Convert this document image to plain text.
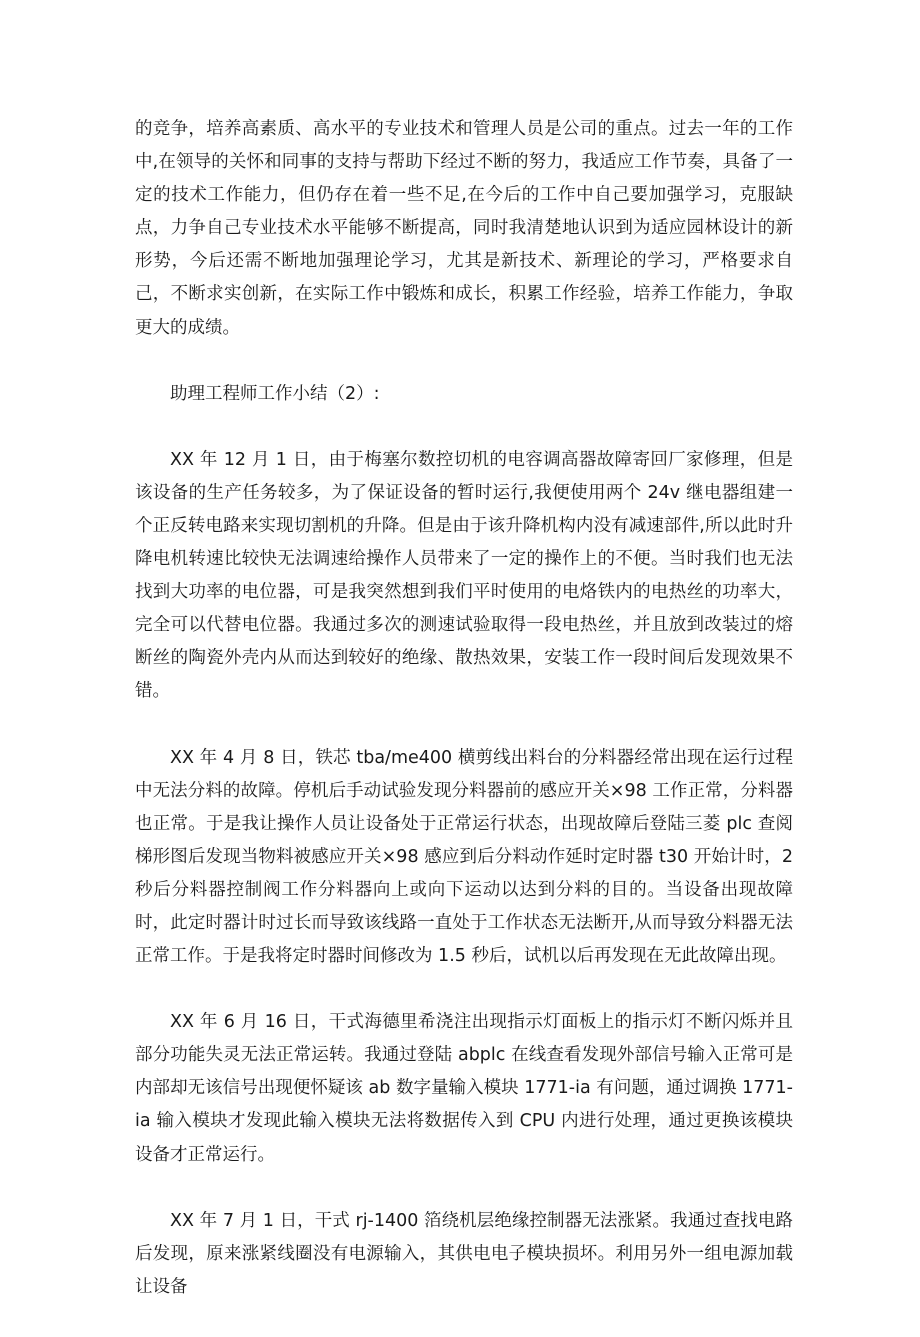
的竞争，培养高素质、高水平的专业技术和管理人员是公司的重点。过去一年的工作中,在领导的关怀和同事的支持与帮助下经过不断的努力，我适应工作节奏，具备了一定的技术工作能力，但仍存在着一些不足,在今后的工作中自己要加强学习，克服缺点，力争自己专业技术水平能够不断提高，同时我清楚地认识到为适应园林设计的新形势，今后还需不断地加强理论学习，尤其是新技术、新理论的学习，严格要求自己，不断求实创新，在实际工作中锻炼和成长，积累工作经验，培养工作能力，争取更大的成绩。

助理工程师工作小结（2）:

XX 年 12 月 1 日，由于梅塞尔数控切机的电容调高器故障寄回厂家修理，但是该设备的生产任务较多，为了保证设备的暂时运行,我便使用两个 24v 继电器组建一个正反转电路来实现切割机的升降。但是由于该升降机构内没有减速部件,所以此时升降电机转速比较快无法调速给操作人员带来了一定的操作上的不便。当时我们也无法找到大功率的电位器，可是我突然想到我们平时使用的电烙铁内的电热丝的功率大，完全可以代替电位器。我通过多次的测速试验取得一段电热丝，并且放到改装过的熔断丝的陶瓷外壳内从而达到较好的绝缘、散热效果，安装工作一段时间后发现效果不错。

XX 年 4 月 8 日，铁芯 tba/me400 横剪线出料台的分料器经常出现在运行过程中无法分料的故障。停机后手动试验发现分料器前的感应开关×98 工作正常，分料器也正常。于是我让操作人员让设备处于正常运行状态，出现故障后登陆三菱 plc 查阅梯形图后发现当物料被感应开关×98 感应到后分料动作延时定时器 t30 开始计时，2 秒后分料器控制阀工作分料器向上或向下运动以达到分料的目的。当设备出现故障时，此定时器计时过长而导致该线路一直处于工作状态无法断开,从而导致分料器无法正常工作。于是我将定时器时间修改为 1.5 秒后，试机以后再发现在无此故障出现。

XX 年 6 月 16 日，干式海德里希浇注出现指示灯面板上的指示灯不断闪烁并且部分功能失灵无法正常运转。我通过登陆 abplc 在线查看发现外部信号输入正常可是内部却无该信号出现便怀疑该 ab 数字量输入模块 1771-ia 有问题，通过调换 1771-ia 输入模块才发现此输入模块无法将数据传入到 CPU 内进行处理，通过更换该模块设备才正常运行。

XX 年 7 月 1 日，干式 rj-1400 箔绕机层绝缘控制器无法涨紧。我通过查找电路后发现，原来涨紧线圈没有电源输入，其供电电子模块损坏。利用另外一组电源加载让设备
